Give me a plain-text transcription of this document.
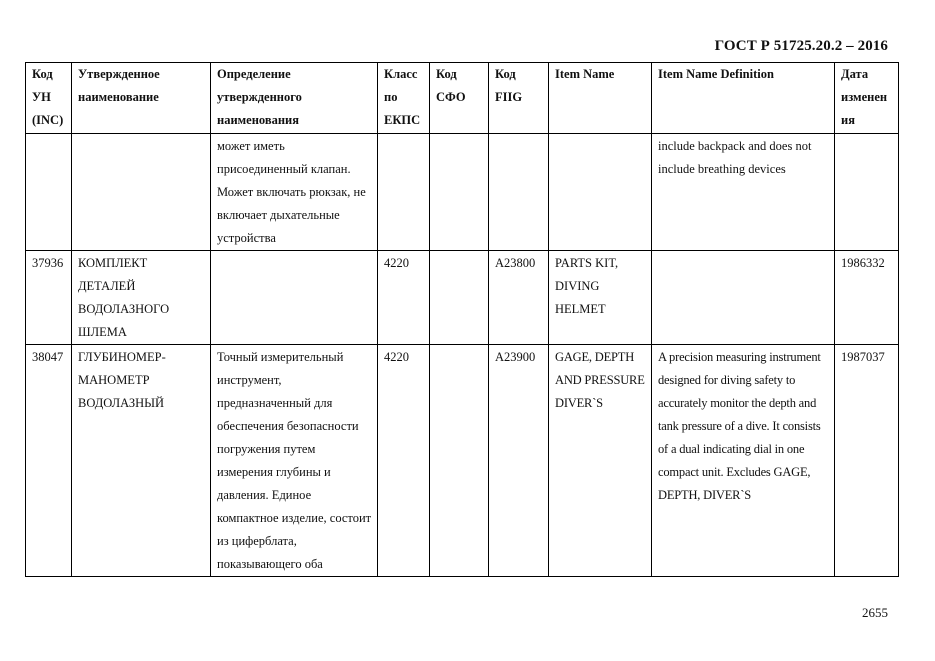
ГОСТ Р 51725.20.2 – 2016
Код УН (INC)	Утвержденное наименование	Определение утвержденного наименования	Класс по ЕКПС	Код СФО	Код FIIG	Item Name	Item Name Definition	Дата изменен ия
		может иметь присоединенный клапан. Может включать рюкзак, не включает дыхательные устройства					include backpack and does not include breathing devices	
37936	КОМПЛЕКТ ДЕТАЛЕЙ ВОДОЛАЗНОГО ШЛЕМА		4220		A23800	PARTS KIT, DIVING HELMET		1986332
38047	ГЛУБИНОМЕР-МАНОМЕТР ВОДОЛАЗНЫЙ	Точный измерительный инструмент, предназначенный для обеспечения безопасности погружения путем измерения глубины и давления. Единое компактное изделие, состоит из циферблата, показывающего оба	4220		A23900	GAGE, DEPTH AND PRESSURE DIVER`S	A precision measuring instrument designed for diving safety to accurately monitor the depth and tank pressure of a dive. It consists of a dual indicating dial in one compact unit. Excludes GAGE, DEPTH, DIVER`S	1987037
2655
